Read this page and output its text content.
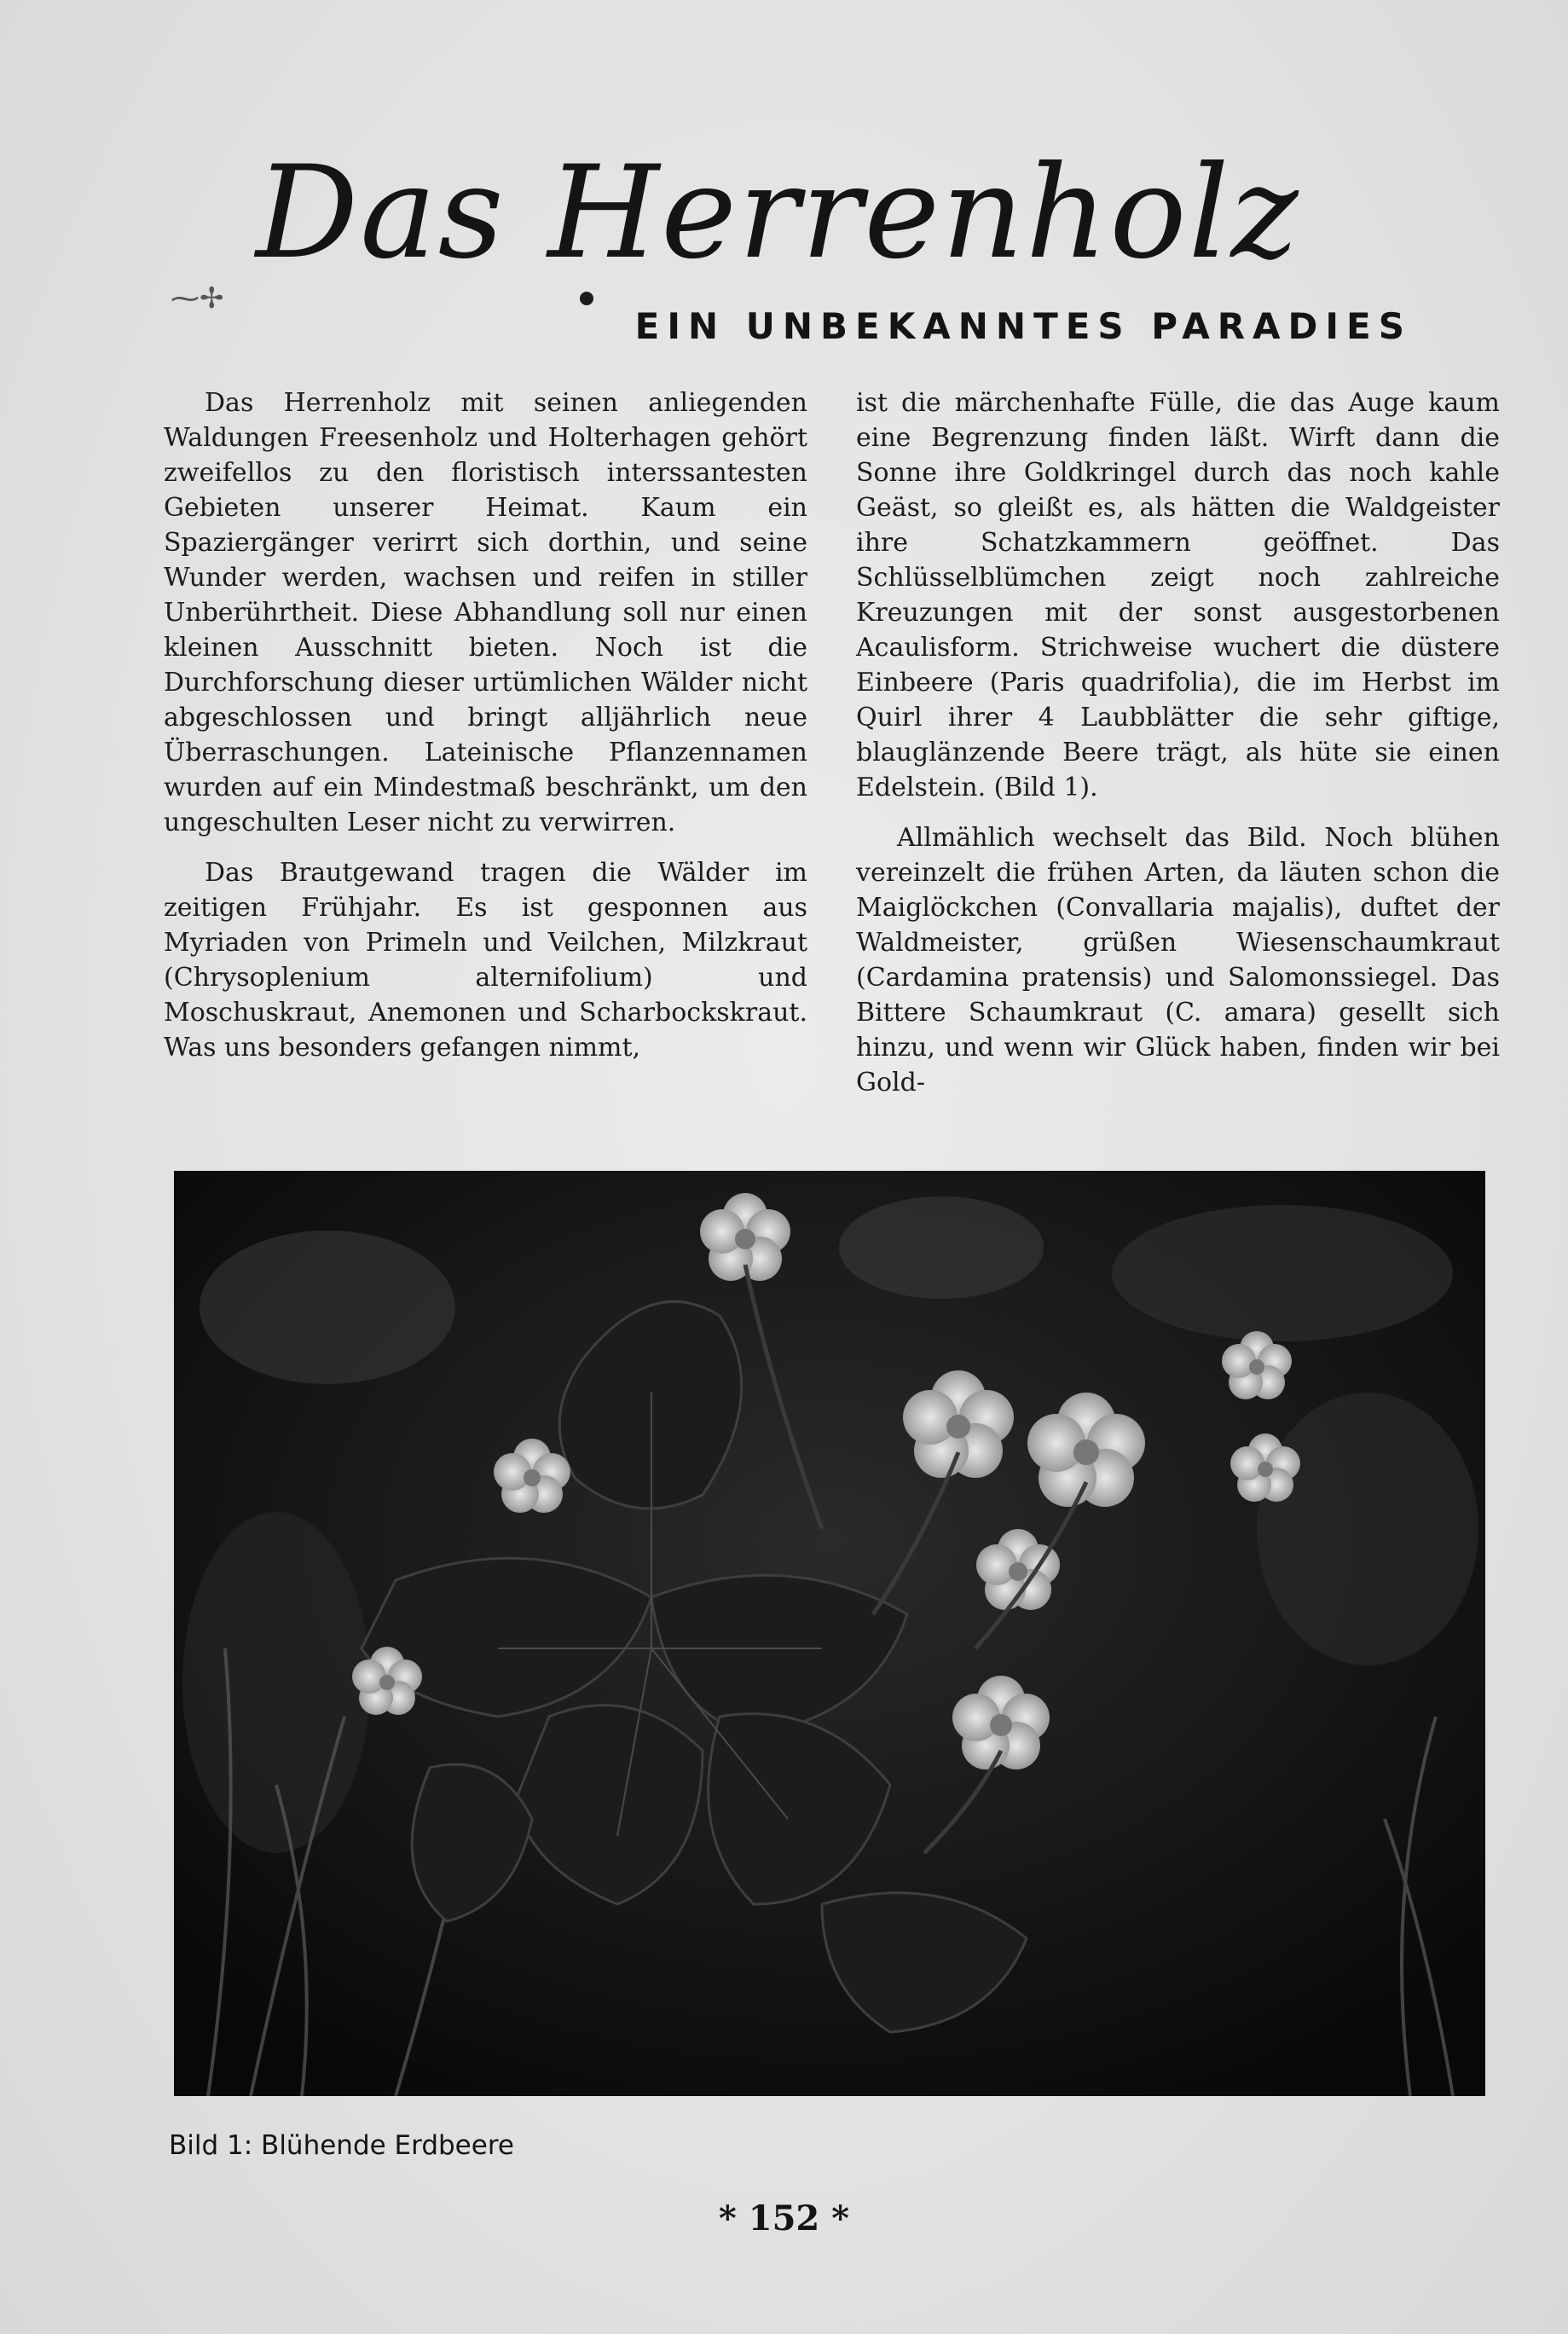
Das Herrenholz
⁓✢
EIN UNBEKANNTES PARADIES

Das Herrenholz mit seinen anliegenden Waldungen Freesenholz und Holterhagen gehört zweifellos zu den floristisch interssantesten Gebieten unserer Heimat. Kaum ein Spaziergänger verirrt sich dorthin, und seine Wunder werden, wachsen und reifen in stiller Unberührtheit. Diese Abhandlung soll nur einen kleinen Ausschnitt bieten. Noch ist die Durchforschung dieser urtümlichen Wälder nicht abgeschlossen und bringt alljährlich neue Überraschungen. Lateinische Pflanzennamen wurden auf ein Mindestmaß beschränkt, um den ungeschulten Leser nicht zu verwirren.

Das Brautgewand tragen die Wälder im zeitigen Frühjahr. Es ist gesponnen aus Myriaden von Primeln und Veilchen, Milzkraut (Chrysoplenium alternifolium) und Moschuskraut, Anemonen und Scharbockskraut. Was uns besonders gefangen nimmt,

ist die märchenhafte Fülle, die das Auge kaum eine Begrenzung finden läßt. Wirft dann die Sonne ihre Goldkringel durch das noch kahle Geäst, so gleißt es, als hätten die Waldgeister ihre Schatzkammern geöffnet. Das Schlüsselblümchen zeigt noch zahlreiche Kreuzungen mit der sonst ausgestorbenen Acaulisform. Strichweise wuchert die düstere Einbeere (Paris quadrifolia), die im Herbst im Quirl ihrer 4 Laubblätter die sehr giftige, blauglänzende Beere trägt, als hüte sie einen Edelstein. (Bild 1).

Allmählich wechselt das Bild. Noch blühen vereinzelt die frühen Arten, da läuten schon die Maiglöckchen (Convallaria majalis), duftet der Waldmeister, grüßen Wiesenschaumkraut (Cardamina pratensis) und Salomonssiegel. Das Bittere Schaumkraut (C. amara) gesellt sich hinzu, und wenn wir Glück haben, finden wir bei Gold-

Bild 1: Blühende Erdbeere
* 152 *
